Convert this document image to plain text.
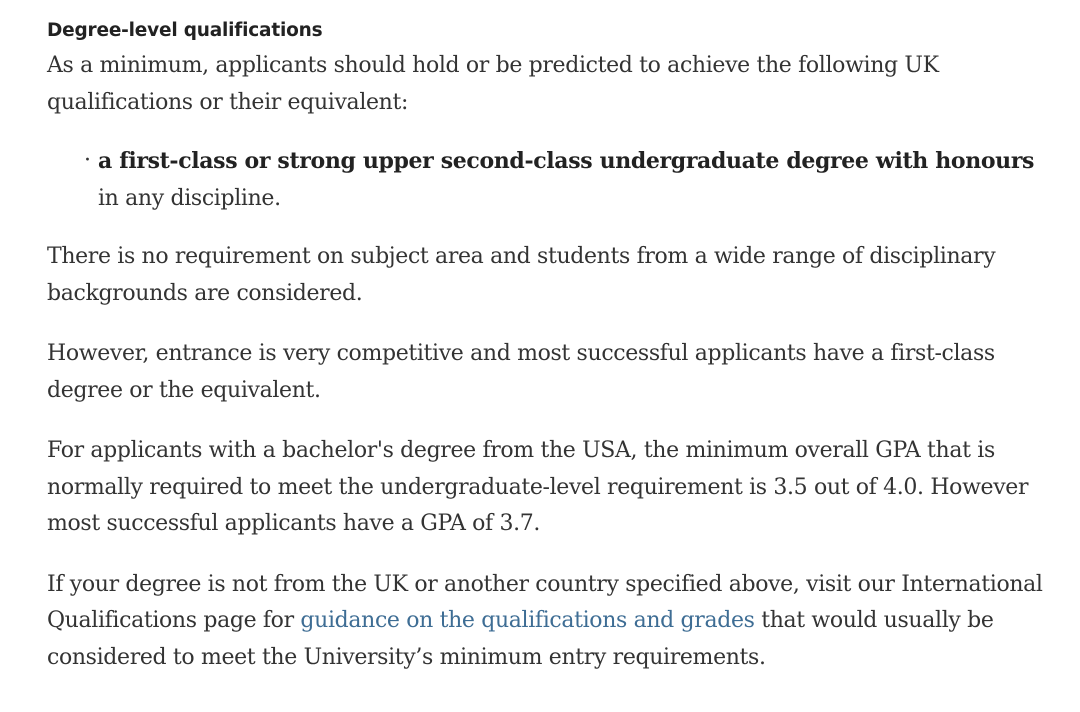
Degree-level qualifications

As a minimum, applicants should hold or be predicted to achieve the following UK qualifications or their equivalent:

· a first-class or strong upper second-class undergraduate degree with honours in any discipline.

There is no requirement on subject area and students from a wide range of disciplinary backgrounds are considered.

However, entrance is very competitive and most successful applicants have a first-class degree or the equivalent.

For applicants with a bachelor's degree from the USA, the minimum overall GPA that is normally required to meet the undergraduate-level requirement is 3.5 out of 4.0. However most successful applicants have a GPA of 3.7.

If your degree is not from the UK or another country specified above, visit our International Qualifications page for guidance on the qualifications and grades that would usually be considered to meet the University’s minimum entry requirements.
